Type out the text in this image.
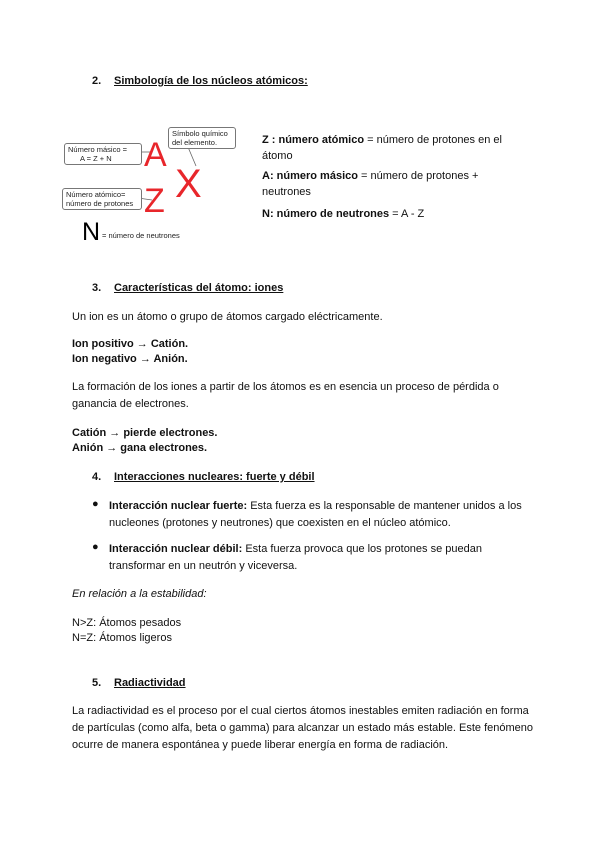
2. Simbología de los núcleos atómicos:
Número másico =
A = Z + N
Número atómico=
número de protones
Símbolo químico
del elemento.
A
Z X
N = número de neutrones
Z : número atómico = número de protones en el átomo
A: número másico = número de protones + neutrones
N: número de neutrones = A - Z
3. Características del átomo: iones
Un ion es un átomo o grupo de átomos cargado eléctricamente.
Ion positivo → Catión.
Ion negativo → Anión.
La formación de los iones a partir de los átomos es en esencia un proceso de pérdida o ganancia de electrones.
Catión → pierde electrones.
Anión → gana electrones.
4. Interacciones nucleares: fuerte y débil
● Interacción nuclear fuerte: Esta fuerza es la responsable de mantener unidos a los nucleones (protones y neutrones) que coexisten en el núcleo atómico.
● Interacción nuclear débil: Esta fuerza provoca que los protones se puedan transformar en un neutrón y viceversa.
En relación a la estabilidad:
N>Z: Átomos pesados
N=Z: Átomos ligeros
5. Radiactividad
La radiactividad es el proceso por el cual ciertos átomos inestables emiten radiación en forma de partículas (como alfa, beta o gamma) para alcanzar un estado más estable. Este fenómeno ocurre de manera espontánea y puede liberar energía en forma de radiación.
